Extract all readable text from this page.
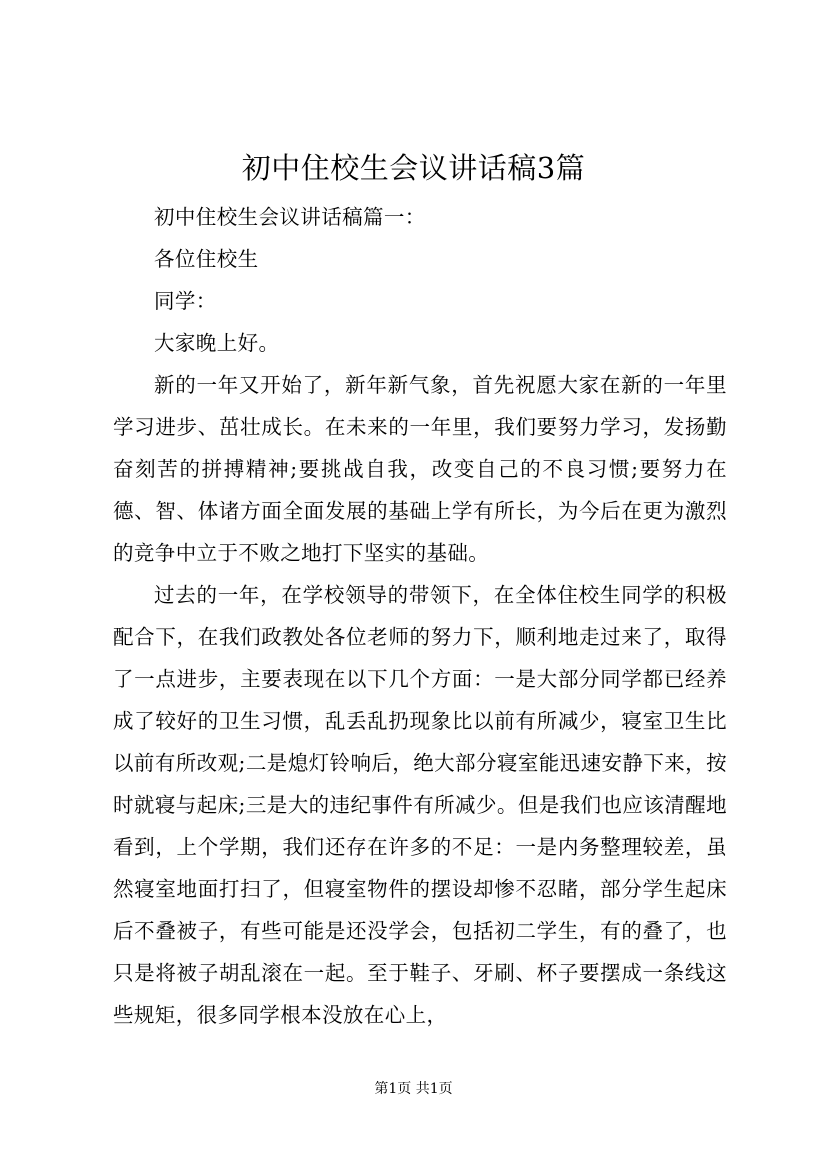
初中住校生会议讲话稿3篇

初中住校生会议讲话稿篇一：

各位住校生

同学：

大家晚上好。

新的一年又开始了，新年新气象，首先祝愿大家在新的一年里学习进步、茁壮成长。在未来的一年里，我们要努力学习，发扬勤奋刻苦的拼搏精神;要挑战自我，改变自己的不良习惯;要努力在德、智、体诸方面全面发展的基础上学有所长，为今后在更为激烈的竞争中立于不败之地打下坚实的基础。

过去的一年，在学校领导的带领下，在全体住校生同学的积极配合下，在我们政教处各位老师的努力下，顺利地走过来了，取得了一点进步，主要表现在以下几个方面：一是大部分同学都已经养成了较好的卫生习惯，乱丢乱扔现象比以前有所减少，寝室卫生比以前有所改观;二是熄灯铃响后，绝大部分寝室能迅速安静下来，按时就寝与起床;三是大的违纪事件有所减少。但是我们也应该清醒地看到，上个学期，我们还存在许多的不足：一是内务整理较差，虽然寝室地面打扫了，但寝室物件的摆设却惨不忍睹，部分学生起床后不叠被子，有些可能是还没学会，包括初二学生，有的叠了，也只是将被子胡乱滚在一起。至于鞋子、牙刷、杯子要摆成一条线这些规矩，很多同学根本没放在心上，

第1页 共1页
